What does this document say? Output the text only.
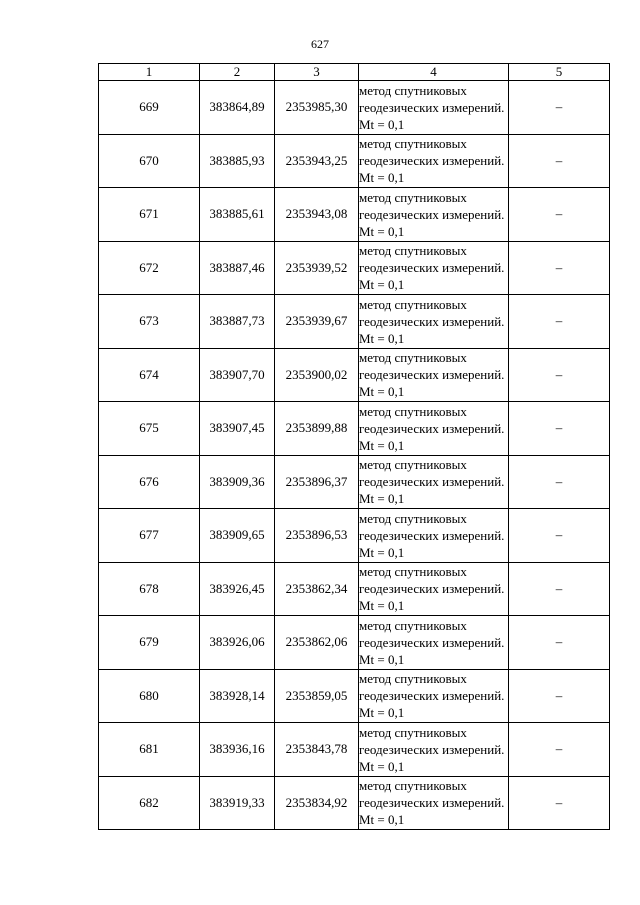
627
1	2	3	4	5
669	383864,89	2353985,30	метод спутниковых геодезических измерений. Mt = 0,1	–
670	383885,93	2353943,25	метод спутниковых геодезических измерений. Mt = 0,1	–
671	383885,61	2353943,08	метод спутниковых геодезических измерений. Mt = 0,1	–
672	383887,46	2353939,52	метод спутниковых геодезических измерений. Mt = 0,1	–
673	383887,73	2353939,67	метод спутниковых геодезических измерений. Mt = 0,1	–
674	383907,70	2353900,02	метод спутниковых геодезических измерений. Mt = 0,1	–
675	383907,45	2353899,88	метод спутниковых геодезических измерений. Mt = 0,1	–
676	383909,36	2353896,37	метод спутниковых геодезических измерений. Mt = 0,1	–
677	383909,65	2353896,53	метод спутниковых геодезических измерений. Mt = 0,1	–
678	383926,45	2353862,34	метод спутниковых геодезических измерений. Mt = 0,1	–
679	383926,06	2353862,06	метод спутниковых геодезических измерений. Mt = 0,1	–
680	383928,14	2353859,05	метод спутниковых геодезических измерений. Mt = 0,1	–
681	383936,16	2353843,78	метод спутниковых геодезических измерений. Mt = 0,1	–
682	383919,33	2353834,92	метод спутниковых геодезических измерений. Mt = 0,1	–
